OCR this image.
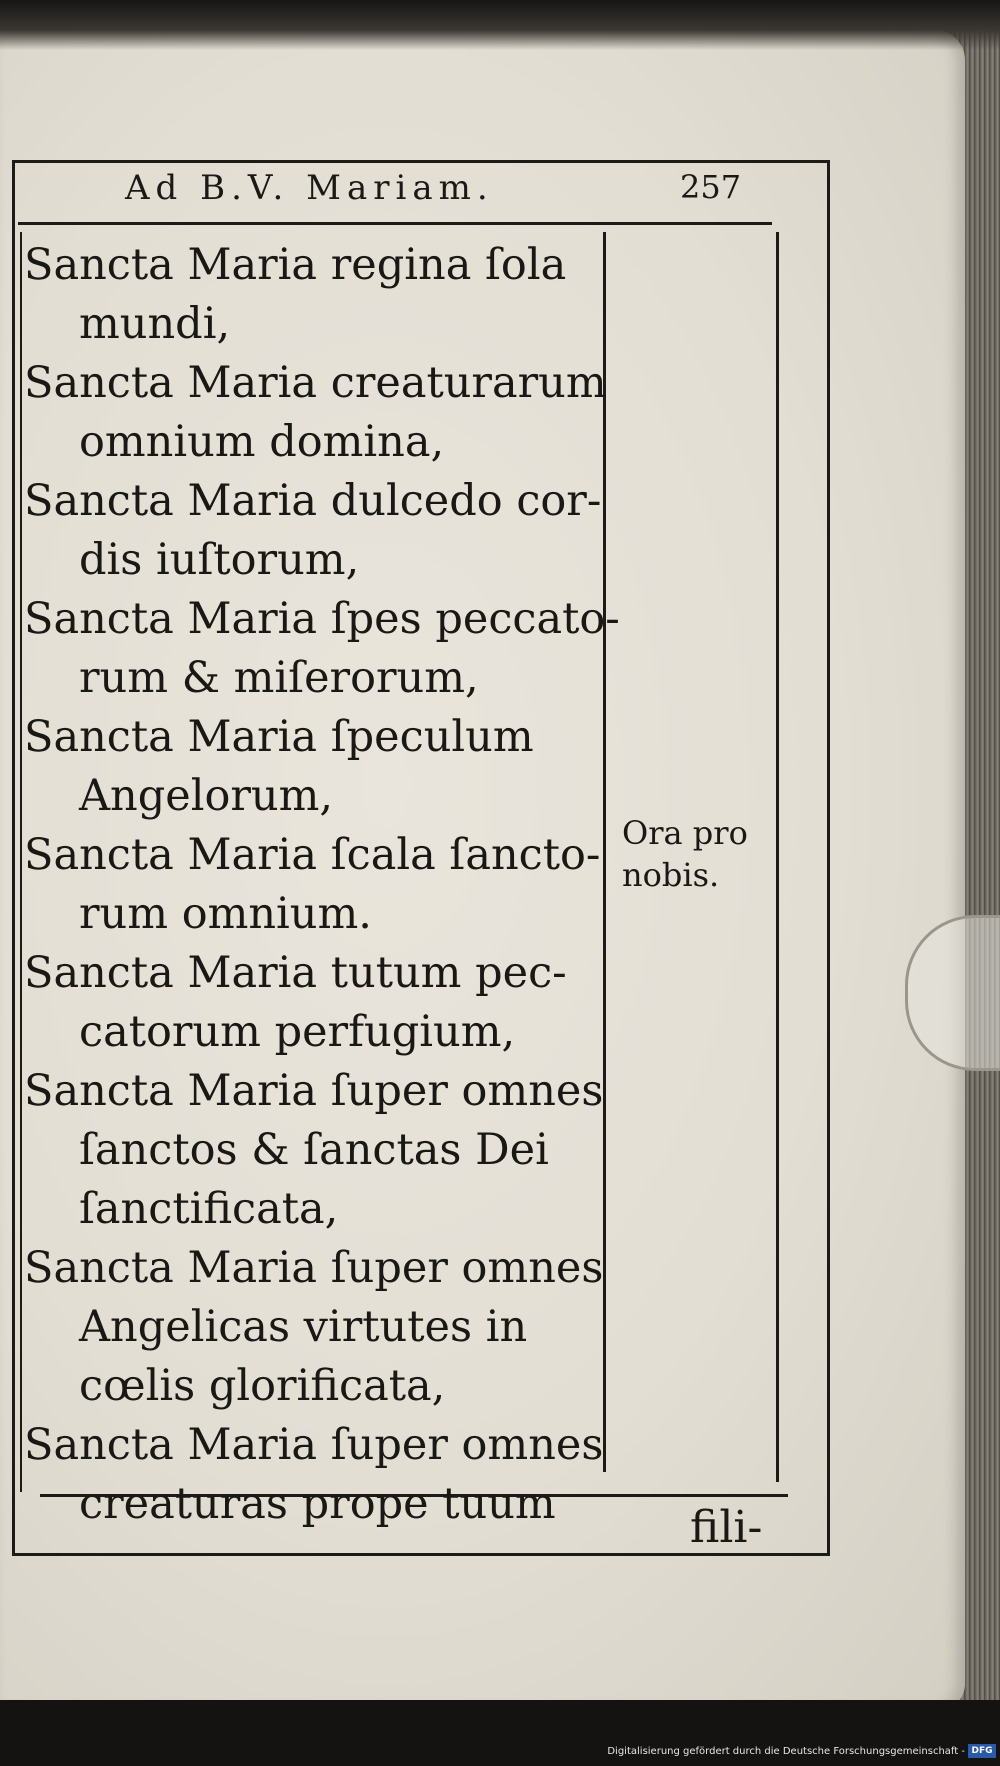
Ad B.V. Mariam.	257
Sancta Maria regina ſola
mundi,
Sancta Maria creaturarum
omnium domina,
Sancta Maria dulcedo cor-
dis iuſtorum,
Sancta Maria ſpes peccato-
rum & miſerorum,
Sancta Maria ſpeculum
Angelorum,
Sancta Maria ſcala ſancto-
rum omnium.
Sancta Maria tutum pec-
catorum perfugium,
Sancta Maria ſuper omnes
ſanctos & ſanctas Dei
ſanctificata,
Sancta Maria ſuper omnes
Angelicas virtutes in
cœlis glorificata,
Sancta Maria ſuper omnes
creaturas prope tuum
Ora pro
nobis.
fili-
Digitalisierung gefördert durch die Deutsche Forschungsgemeinschaft - DFG
